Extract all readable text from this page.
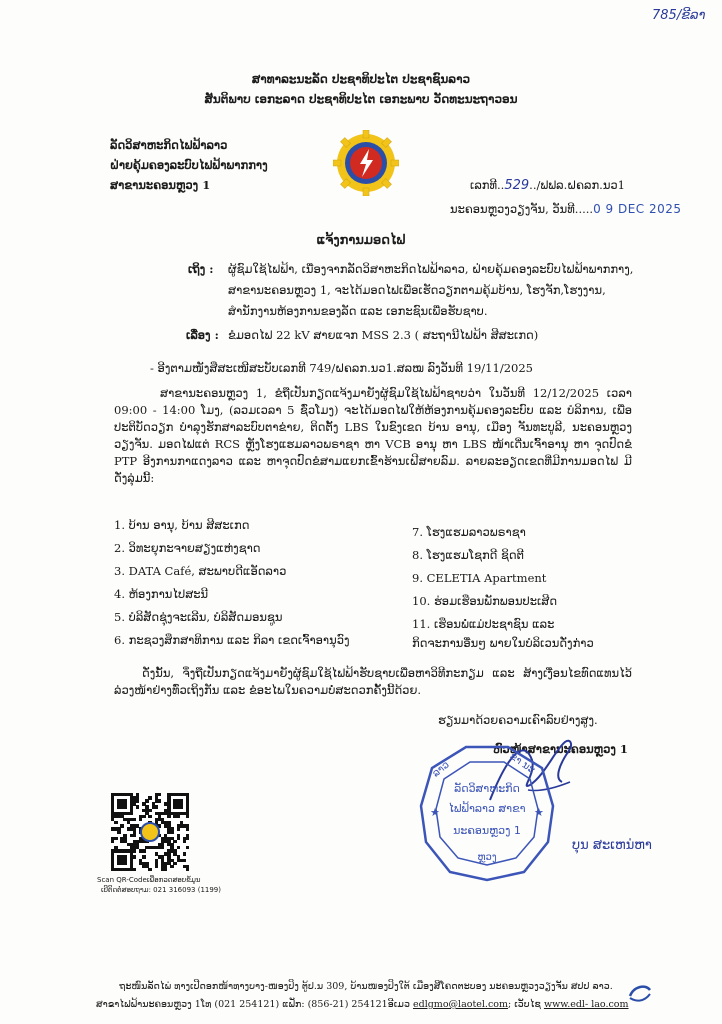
785/ຂີລາ
ສາທາລະນະລັດ ປະຊາທິປະໄຕ ປະຊາຊົນລາວ
ສັນຕິພາບ ເອກະລາດ ປະຊາທິປະໄຕ ເອກະພາບ ວັດທະນະຖາວອນ
ລັດວິສາຫະກິດໄຟຟ້າລາວ
ຝ່າຍຄຸ້ມຄອງລະບົບໄຟຟ້າພາກກາງ
ສາຂານະຄອນຫຼວງ 1	ເລກທີ..529../ຟຟລ.ຝຄລກ.ນວ1
ນະຄອນຫຼວງວຽງຈັນ, ວັນທີ.....0 9 DEC 2025
ແຈ້ງການມອດໄຟ
ເຖິງ : ຜູ້ຊົມໃຊ້ໄຟຟ້າ, ເນື່ອງຈາກລັດວິສາຫະກິດໄຟຟ້າລາວ, ຝ່າຍຄຸ້ມຄອງລະບົບໄຟຟ້າພາກກາງ,
ສາຂານະຄອນຫຼວງ 1, ຈະໄດ້ມອດໄຟເພື່ອເຮັດວຽກຕາມຄຸ້ມບ້ານ, ໂຮງຈັກ,ໂຮງງານ,
ສຳນັກງານຫ້ອງການຂອງລັດ ແລະ ເອກະຊົນເພື່ອຮັບຊາບ.
ເລື່ອງ : ຂໍມອດໄຟ 22 kV ສາຍແຈກ MSS 2.3 ( ສະຖານີໄຟຟ້າ ສີສະເກດ)
- ອີງຕາມໜັງສືສະເໜີສະບັບເລກທີ 749/ຝຄລກ.ນວ1.ສລໝ ລົງວັນທີ 19/11/2025
ສາຂານະຄອນຫຼວງ 1, ຂໍຖືເປັນກຽດແຈ້ງມາຍັງຜູ້ຊົມໃຊ້ໄຟຟ້າຊາບວ່າ ໃນວັນທີ 12/12/2025 ເວລາ 09:00 - 14:00 ໂມງ, (ລວມເວລາ 5 ຊົ່ວໂມງ) ຈະໄດ້ມອດໄຟໃຫ້ຫ້ອງການຄຸ້ມຄອງລະບົບ ແລະ ບໍລິການ, ເພື່ອປະຕິບັດວຽກ ບຳລຸງຮັກສາລະບົບຕາຂ່າຍ, ຕິດຕັ້ງ LBS ໃນຂົງເຂດ ບ້ານ ອານຸ, ເມືອງ ຈັນທະບູລີ, ນະຄອນຫຼວງວຽງຈັນ. ມອດໄຟແຕ່ RCS ຫຼັງໂຮງແຮມລາວພຣາຊາ ຫາ VCB ອານຸ ຫາ LBS ໜ້າເດີ່ນເຈົ້າອານຸ ຫາ ຈຸດປົດຂໍ PTP ອີງການກາແດງລາວ ແລະ ຫາຈຸດປົດຂໍສາມແຍກເຂົ້າຮ້ານເຝີສາຍລົມ. ລາຍລະອຽດເຂດທີ່ມີການມອດໄຟ ມີດັ່ງລຸ່ມນີ້:
1. ບ້ານ ອານຸ, ບ້ານ ສີສະເກດ
2. ວິທະຍຸກະຈາຍສຽງແຫ່ງຊາດ
3. DATA Café, ສະພາບດີແອັດລາວ
4. ຫ້ອງການໄປສະນີ
5. ບໍລິສັດຊຸ່ງຈະເລີນ, ບໍລິສັດມອນຊູນ
6. ກະຊວງສຶກສາທິການ ແລະ ກິລາ ເຂດເຈົ້າອານຸວົງ
7. ໂຮງແຮມລາວພຣາຊາ
8. ໂຮງແຮມໂຊກດີ ຊິດຕີ
9. CELETIA Apartment
10. ຮ່ອມເຮືອນພັກພອນປະເສີດ
11. ເຮືອນພໍ່ແມ່ປະຊາຊົນ ແລະ
ກິດຈະການອື່ນໆ ພາຍໃນບໍລິເວນດັ່ງກ່າວ
ດັ່ງນັ້ນ, ຈຶ່ງຖືເປັນກຽດແຈ້ງມາຍັງຜູ້ຊົມໃຊ້ໄຟຟ້າຮັບຊາບເພື່ອຫາວິທີກະກຽມ ແລະ ສ້າງເງື່ອນໄຂທົດແທນໄວ້ລ່ວງໜ້າຢ່າງທົ່ວເຖິງກັນ ແລະ ຂໍອະໄພໃນຄວາມບໍ່ສະດວກຄັ້ງນີ້ດ້ວຍ.
ຮຽນມາດ້ວຍຄວາມເຄົາລົບຢ່າງສູງ.
ຫົວໜ້າສາຂານະຄອນຫຼວງ 1
★	★
ລາວ	ຂາ ນະ
ລັດວິສາຫະກິດ
ໄຟຟ້າລາວ ສາຂາ
ນະຄອນຫຼວງ 1
ຫຼວງ
ບຸນ ສະເຫນ່ຫາ
Scan QR-Codeເພື່ອກວດສອບຂໍ້ມູນ
ເບີຕິດຕໍ່ສອບຖາມ: 021 316093 (1199)
ຖະໜົນລັດໄພ່ ທາງເປີດອກໜ້າທາງບາງ-ໜອງປິງ ຕູ້ປ.ນ 309, ບ້ານໜອງປິງໃຕ້ ເມືອງສີໂຄດຕະບອງ ນະຄອນຫຼວງວຽງຈັນ ສປປ ລາວ.
ສາຂາໄຟຟ້ານະຄອນຫຼວງ 1ໂທ (021 254121) ແຟັກ: (856-21) 254121ອີເມວ edlgmo@laotel.com; ເວັບໄຊ www.edl- lao.com
